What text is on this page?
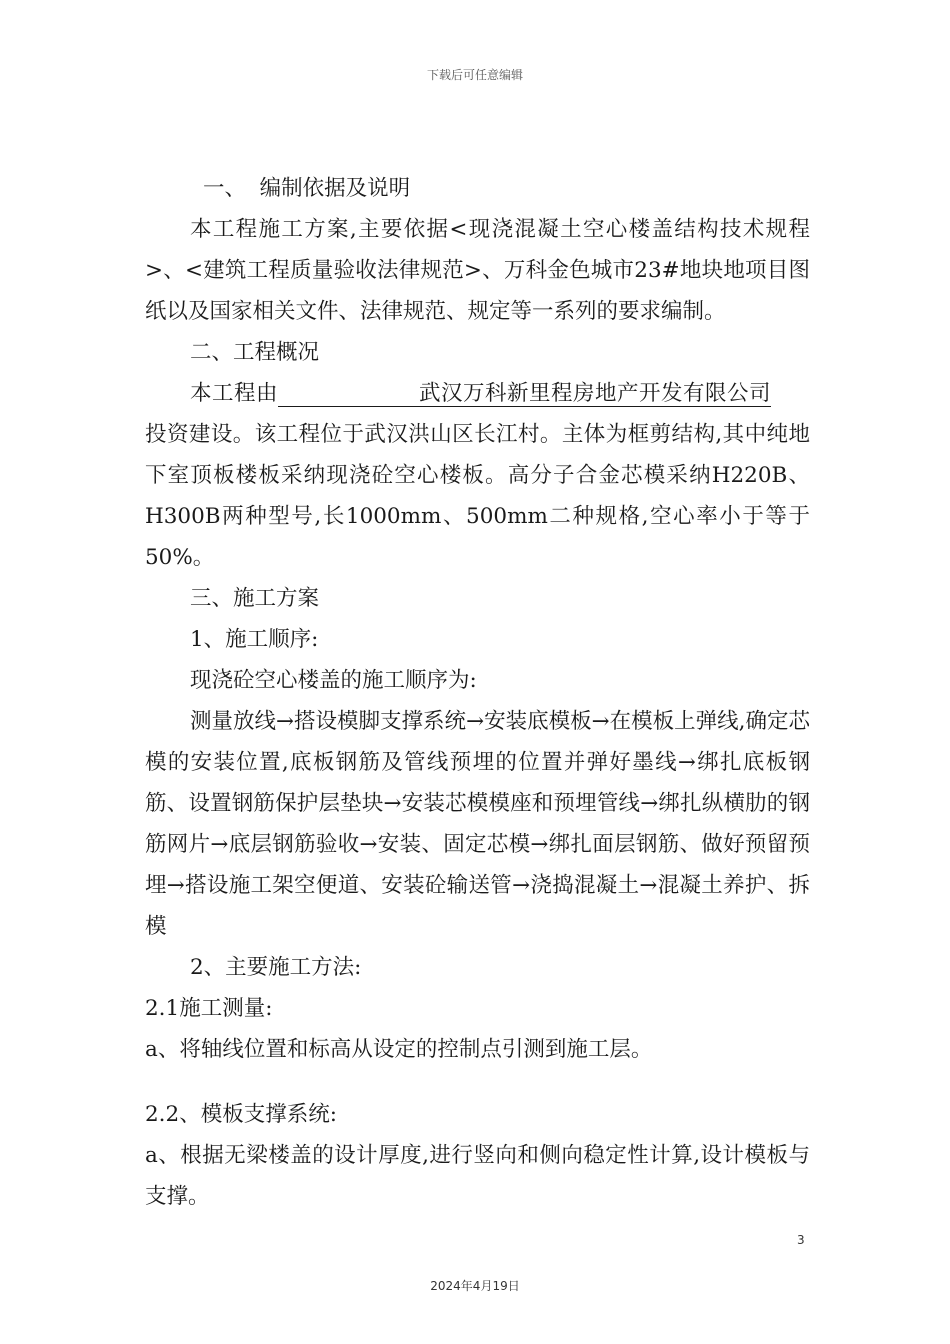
下载后可任意编辑

一、  编制依据及说明

本工程施工方案,主要依据<现浇混凝土空心楼盖结构技术规程>、<建筑工程质量验收法律规范>、万科金色城市23#地块地项目图纸以及国家相关文件、法律规范、规定等一系列的要求编制。

二、工程概况

本工程由	武汉万科新里程房地产开发有限公司

投资建设。该工程位于武汉洪山区长江村。主体为框剪结构,其中纯地下室顶板楼板采纳现浇砼空心楼板。高分子合金芯模采纳H220B、H300B两种型号,长1000mm、500mm二种规格,空心率小于等于50%。

三、施工方案

1、施工顺序:

现浇砼空心楼盖的施工顺序为:

测量放线→搭设模脚支撑系统→安装底模板→在模板上弹线,确定芯模的安装位置,底板钢筋及管线预埋的位置并弹好墨线→绑扎底板钢筋、设置钢筋保护层垫块→安装芯模模座和预埋管线→绑扎纵横肋的钢筋网片→底层钢筋验收→安装、固定芯模→绑扎面层钢筋、做好预留预埋→搭设施工架空便道、安装砼输送管→浇捣混凝土→混凝土养护、拆模

2、主要施工方法:

2.1施工测量:

a、将轴线位置和标高从设定的控制点引测到施工层。

2.2、模板支撑系统:

a、根据无梁楼盖的设计厚度,进行竖向和侧向稳定性计算,设计模板与支撑。

3
2024年4月19日
